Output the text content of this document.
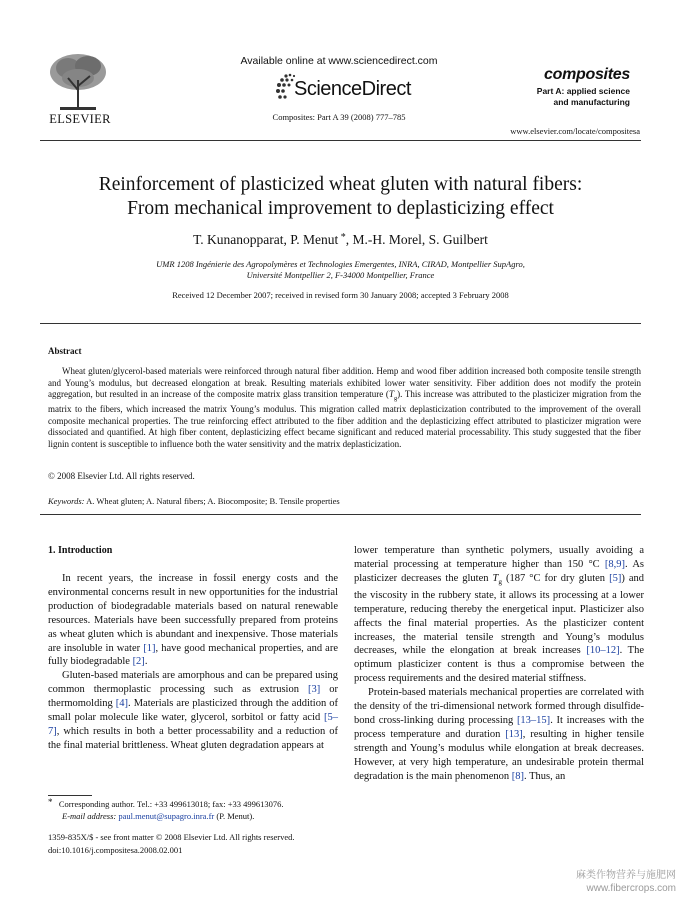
ELSEVIER
Available online at www.sciencedirect.com
ScienceDirect
Composites: Part A 39 (2008) 777–785
composites
Part A: applied science
and manufacturing
www.elsevier.com/locate/compositesa
Reinforcement of plasticized wheat gluten with natural fibers:
From mechanical improvement to deplasticizing effect
T. Kunanopparat, P. Menut *, M.-H. Morel, S. Guilbert
UMR 1208 Ingénierie des Agropolymères et Technologies Emergentes, INRA, CIRAD, Montpellier SupAgro,
Université Montpellier 2, F-34000 Montpellier, France
Received 12 December 2007; received in revised form 30 January 2008; accepted 3 February 2008
Abstract
Wheat gluten/glycerol-based materials were reinforced through natural fiber addition. Hemp and wood fiber addition increased both composite tensile strength and Young’s modulus, but decreased elongation at break. Resulting materials exhibited lower water sensitivity. Fiber addition does not modify the protein aggregation, but resulted in an increase of the composite matrix glass transition temperature $(T_g)$. This increase was attributed to the plasticizer migration from the matrix to the fibers, which increased the matrix Young’s modulus. This migration called matrix deplasticization contributed to the improvement of the overall composite mechanical properties. The true reinforcing effect attributed to the fiber addition and the deplasticizing effect attributed to plasticizer migration were dissociated and quantified. At high fiber content, deplasticizing effect became significant and reduced material processability. This study suggested that the fiber lignin content is susceptible to influence both the water sensitivity and the matrix deplasticization.
© 2008 Elsevier Ltd. All rights reserved.
Keywords: A. Wheat gluten; A. Natural fibers; A. Biocomposite; B. Tensile properties
1. Introduction

In recent years, the increase in fossil energy costs and the environmental concerns result in new opportunities for the industrial production of biodegradable materials based on natural renewable resources. Materials have been successfully prepared from proteins as wheat gluten which is abundant and inexpensive. Those materials are insoluble in water [1], have good mechanical properties, and are fully biodegradable [2].

Gluten-based materials are amorphous and can be prepared using common thermoplastic processing such as extrusion [3] or thermomolding [4]. Materials are plasticized through the addition of small polar molecule like water, glycerol, sorbitol or fatty acid [5–7], which results in both a better processability and a reduction of the final material brittleness. Wheat gluten degradation appears at

lower temperature than synthetic polymers, usually avoiding a material processing at temperature higher than 150 °C [8,9]. As plasticizer decreases the gluten $T_g$ (187 °C for dry gluten [5]) and the viscosity in the rubbery state, it allows its processing at a lower temperature, reducing thereby the energetical input. Plasticizer also affects the final material properties. As the plasticizer content increases, the material tensile strength and Young’s modulus decreases, while the elongation at break increases [10–12]. The optimum plasticizer content is thus a compromise between the process requirements and the desired material stiffness.

Protein-based materials mechanical properties are correlated with the density of the tri-dimensional network formed through disulfide-bond cross-linking during processing [13–15]. It increases with the process temperature and duration [13], resulting in higher tensile strength and Young’s modulus while elongation at break decreases. However, at very high temperature, an undesirable protein thermal degradation is the main phenomenon [8]. Thus, an

* Corresponding author. Tel.: +33 499613018; fax: +33 499613076.
E-mail address: paul.menut@supagro.inra.fr (P. Menut).
1359-835X/$ - see front matter © 2008 Elsevier Ltd. All rights reserved.
doi:10.1016/j.compositesa.2008.02.001
麻类作物营养与施肥网
www.fibercrops.com
